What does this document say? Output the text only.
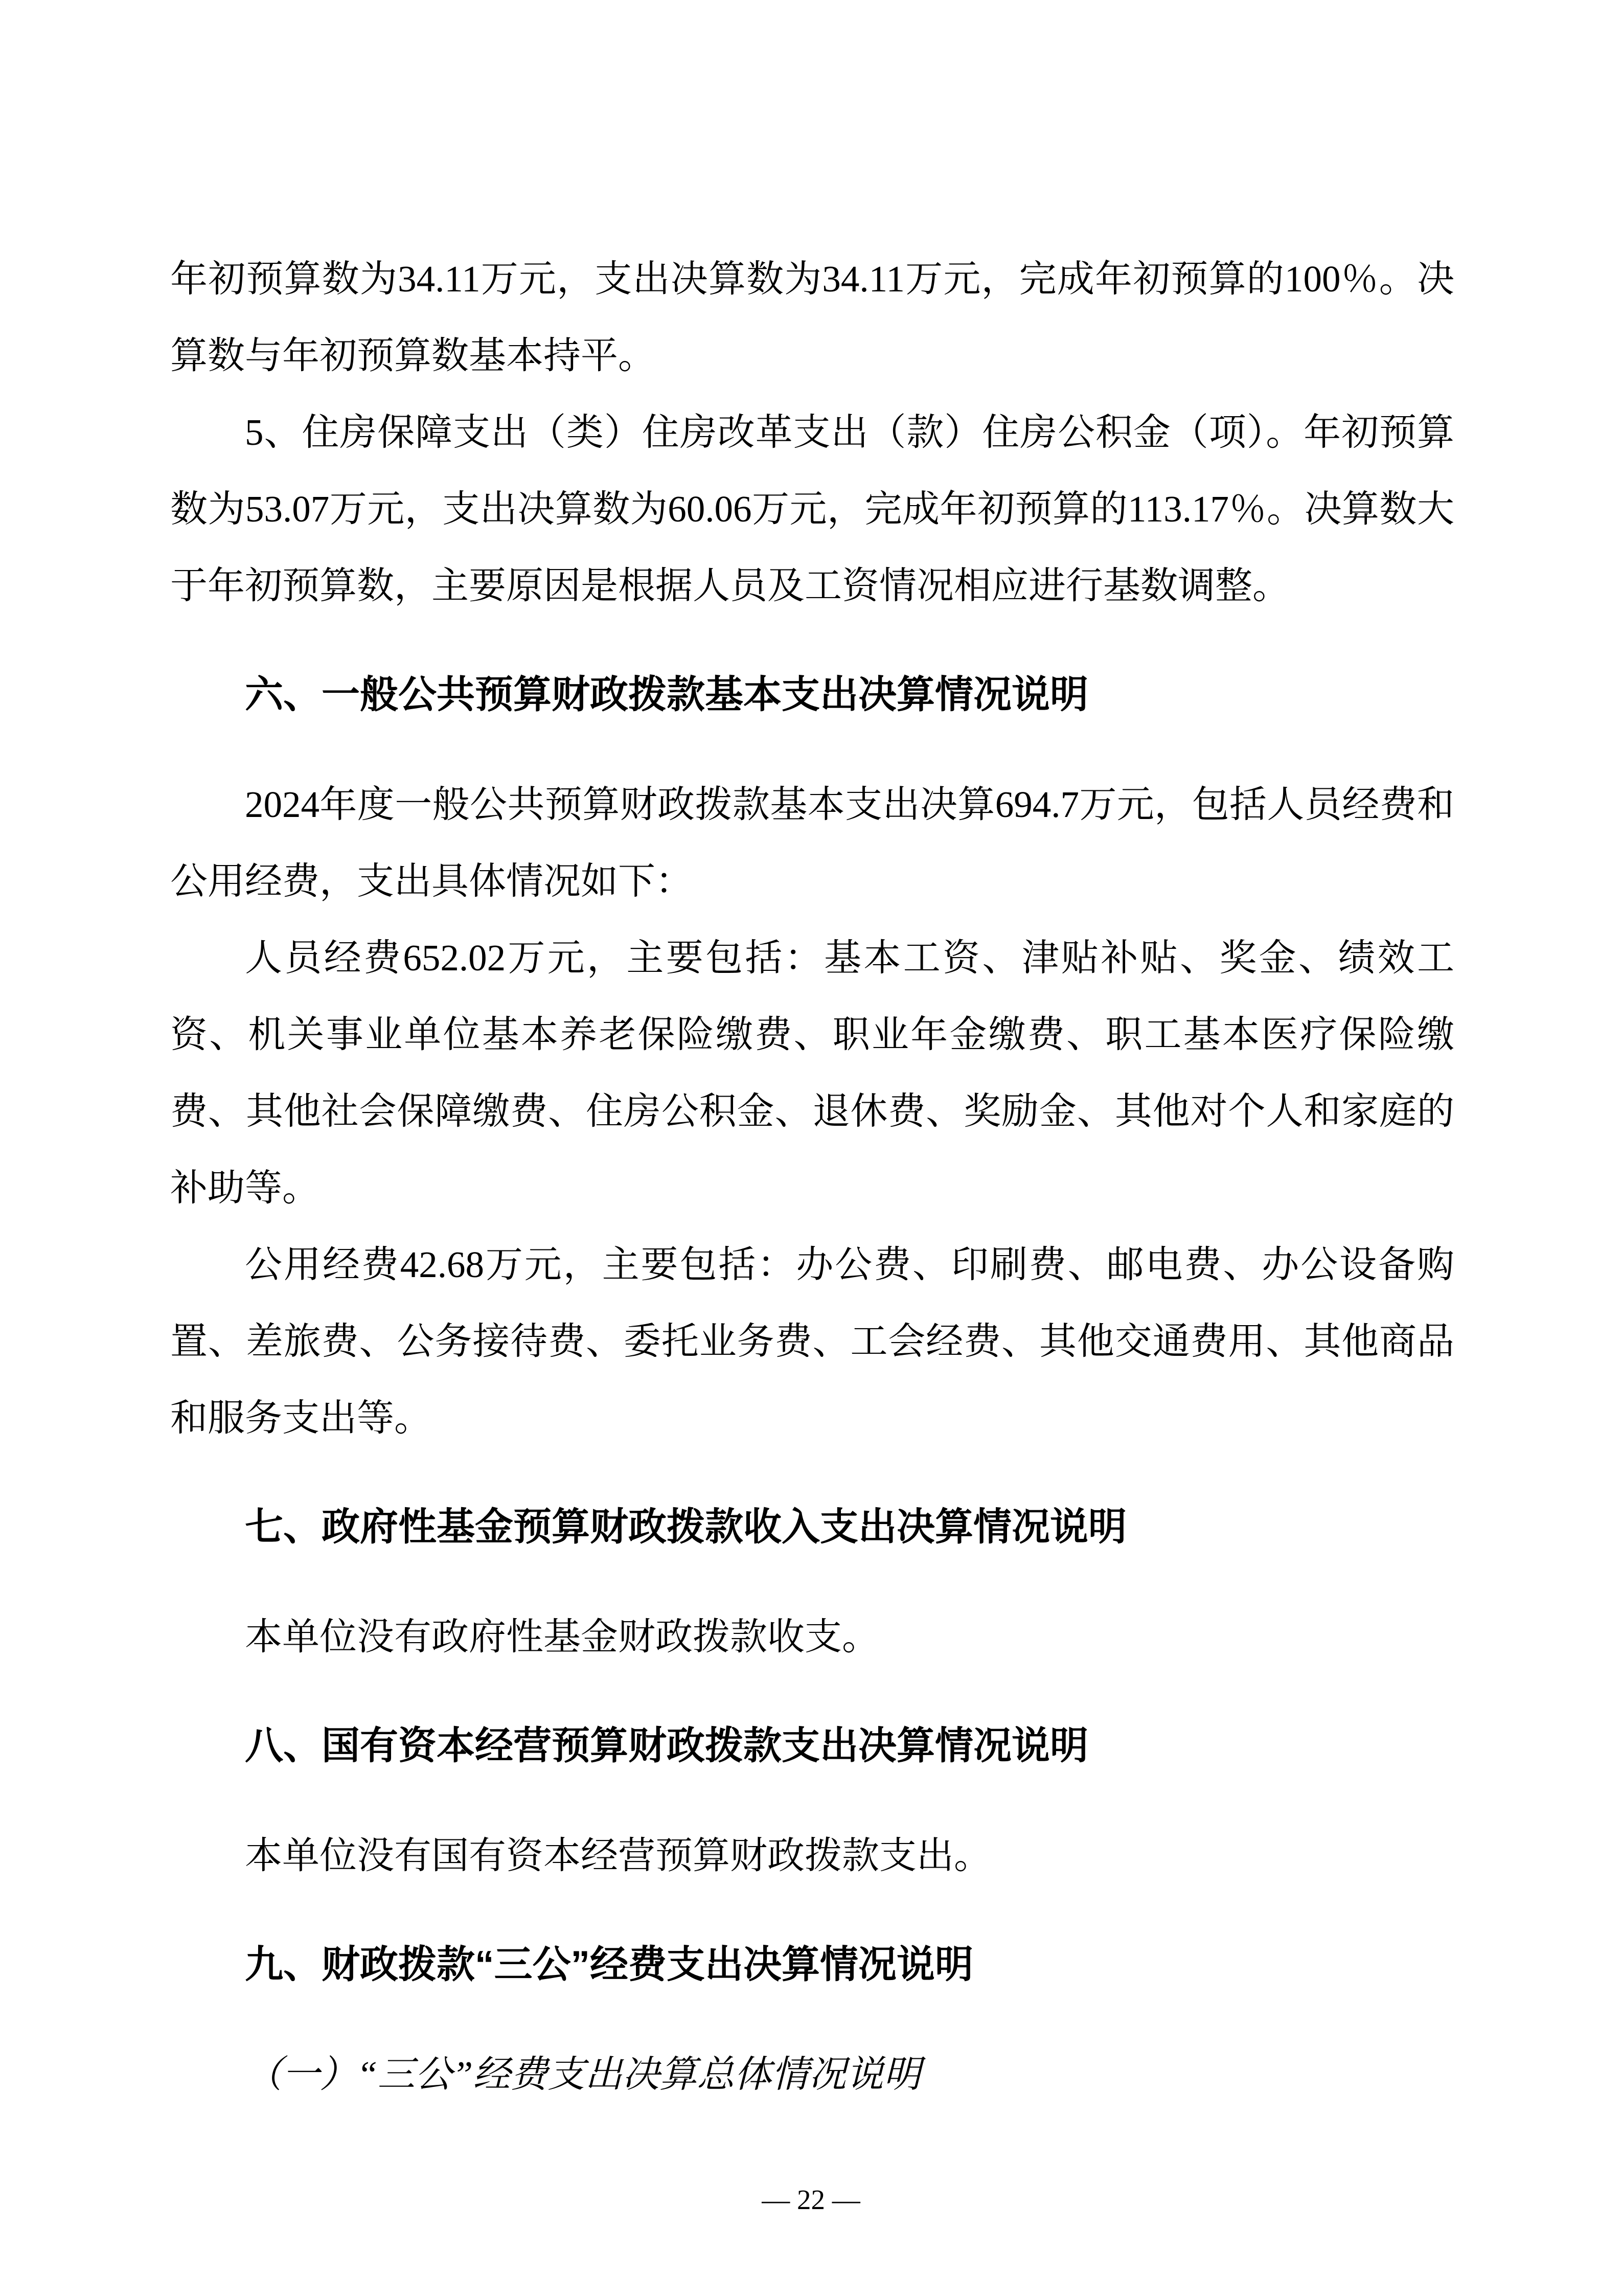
年初预算数为34.11万元，支出决算数为34.11万元，完成年初预算的100％。决算数与年初预算数基本持平。

5、住房保障支出（类）住房改革支出（款）住房公积金（项）。年初预算数为53.07万元，支出决算数为60.06万元，完成年初预算的113.17％。决算数大于年初预算数，主要原因是根据人员及工资情况相应进行基数调整。

六、一般公共预算财政拨款基本支出决算情况说明

2024年度一般公共预算财政拨款基本支出决算694.7万元，包括人员经费和公用经费，支出具体情况如下：

人员经费652.02万元，主要包括：基本工资、津贴补贴、奖金、绩效工资、机关事业单位基本养老保险缴费、职业年金缴费、职工基本医疗保险缴费、其他社会保障缴费、住房公积金、退休费、奖励金、其他对个人和家庭的补助等。

公用经费42.68万元，主要包括：办公费、印刷费、邮电费、办公设备购置、差旅费、公务接待费、委托业务费、工会经费、其他交通费用、其他商品和服务支出等。

七、政府性基金预算财政拨款收入支出决算情况说明

本单位没有政府性基金财政拨款收支。

八、国有资本经营预算财政拨款支出决算情况说明

本单位没有国有资本经营预算财政拨款支出。

九、财政拨款“三公”经费支出决算情况说明

（一）“三公”经费支出决算总体情况说明

— 22 —
